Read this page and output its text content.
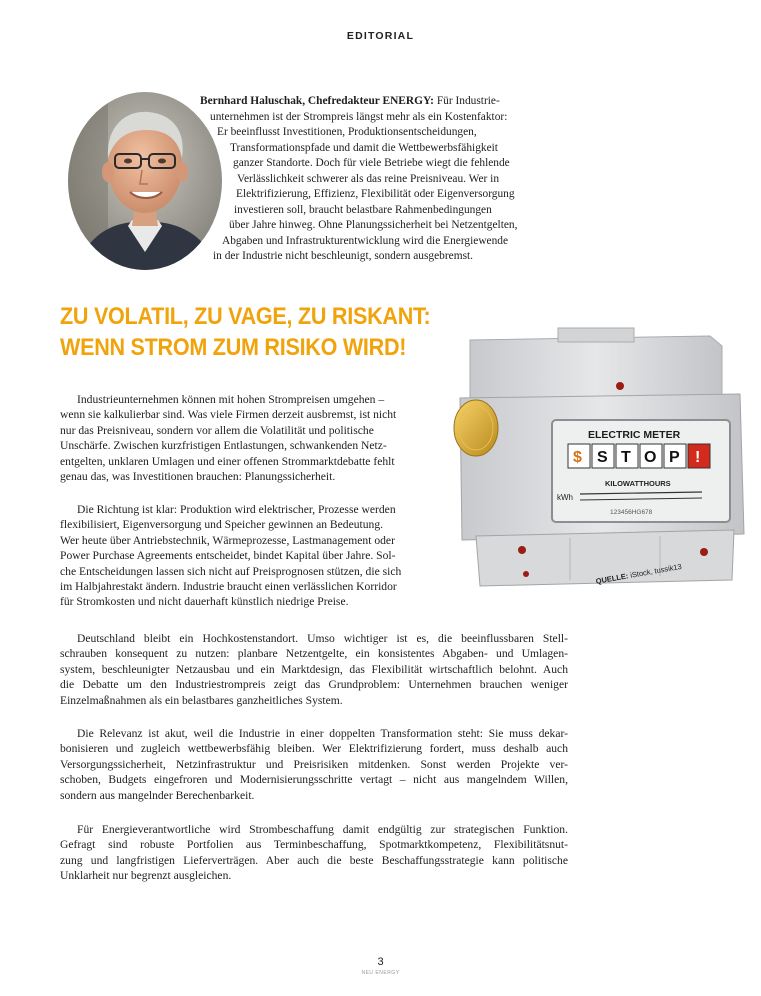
EDITORIAL
Bernhard Haluschak, Chefredakteur ENERGY: Für Industrie-
unternehmen ist der Strompreis längst mehr als ein Kostenfaktor:
Er beeinflusst Investitionen, Produktionsentscheidungen,
Transformationspfade und damit die Wettbewerbsfähigkeit
ganzer Standorte. Doch für viele Betriebe wiegt die fehlende
Verlässlichkeit schwerer als das reine Preisniveau. Wer in
Elektrifizierung, Effizienz, Flexibilität oder Eigenversorgung
investieren soll, braucht belastbare Rahmenbedingungen
über Jahre hinweg. Ohne Planungssicherheit bei Netzentgelten,
Abgaben und Infrastrukturentwicklung wird die Energiewende
in der Industrie nicht beschleunigt, sondern ausgebremst.
ZU VOLATIL, ZU VAGE, ZU RISKANT:
WENN STROM ZUM RISIKO WIRD!
ELECTRIC METER
$ S T O P !
kWh
KILOWATTHOURS
123456HG678
QUELLE: iStock, tussik13
Industrieunternehmen können mit hohen Strompreisen umgehen –
wenn sie kalkulierbar sind. Was viele Firmen derzeit ausbremst, ist nicht
nur das Preisniveau, sondern vor allem die Volatilität und politische
Unschärfe. Zwischen kurzfristigen Entlastungen, schwankenden Netz-
entgelten, unklaren Umlagen und einer offenen Strommarktdebatte fehlt
genau das, was Investitionen brauchen: Planungssicherheit.
Die Richtung ist klar: Produktion wird elektrischer, Prozesse werden
flexibilisiert, Eigenversorgung und Speicher gewinnen an Bedeutung.
Wer heute über Antriebstechnik, Wärmeprozesse, Lastmanagement oder
Power Purchase Agreements entscheidet, bindet Kapital über Jahre. Sol-
che Entscheidungen lassen sich nicht auf Preisprognosen stützen, die sich
im Halbjahrestakt ändern. Industrie braucht einen verlässlichen Korridor
für Stromkosten und nicht dauerhaft künstlich niedrige Preise.
Deutschland bleibt ein Hochkostenstandort. Umso wichtiger ist es, die beeinflussbaren Stell-
schrauben konsequent zu nutzen: planbare Netzentgelte, ein konsistentes Abgaben- und Umlagen-
system, beschleunigter Netzausbau und ein Marktdesign, das Flexibilität wirtschaftlich belohnt. Auch
die Debatte um den Industriestrompreis zeigt das Grundproblem: Unternehmen brauchen weniger
Einzelmaßnahmen als ein belastbares ganzheitliches System.
Die Relevanz ist akut, weil die Industrie in einer doppelten Transformation steht: Sie muss dekar-
bonisieren und zugleich wettbewerbsfähig bleiben. Wer Elektrifizierung fordert, muss deshalb auch
Versorgungssicherheit, Netzinfrastruktur und Preisrisiken mitdenken. Sonst werden Projekte ver-
schoben, Budgets eingefroren und Modernisierungsschritte vertagt – nicht aus mangelndem Willen,
sondern aus mangelnder Berechenbarkeit.
Für Energieverantwortliche wird Strombeschaffung damit endgültig zur strategischen Funktion.
Gefragt sind robuste Portfolien aus Terminbeschaffung, Spotmarktkompetenz, Flexibilitätsnut-
zung und langfristigen Lieferverträgen. Aber auch die beste Beschaffungsstrategie kann politische
Unklarheit nur begrenzt ausgleichen.
3
NEU ENERGY
